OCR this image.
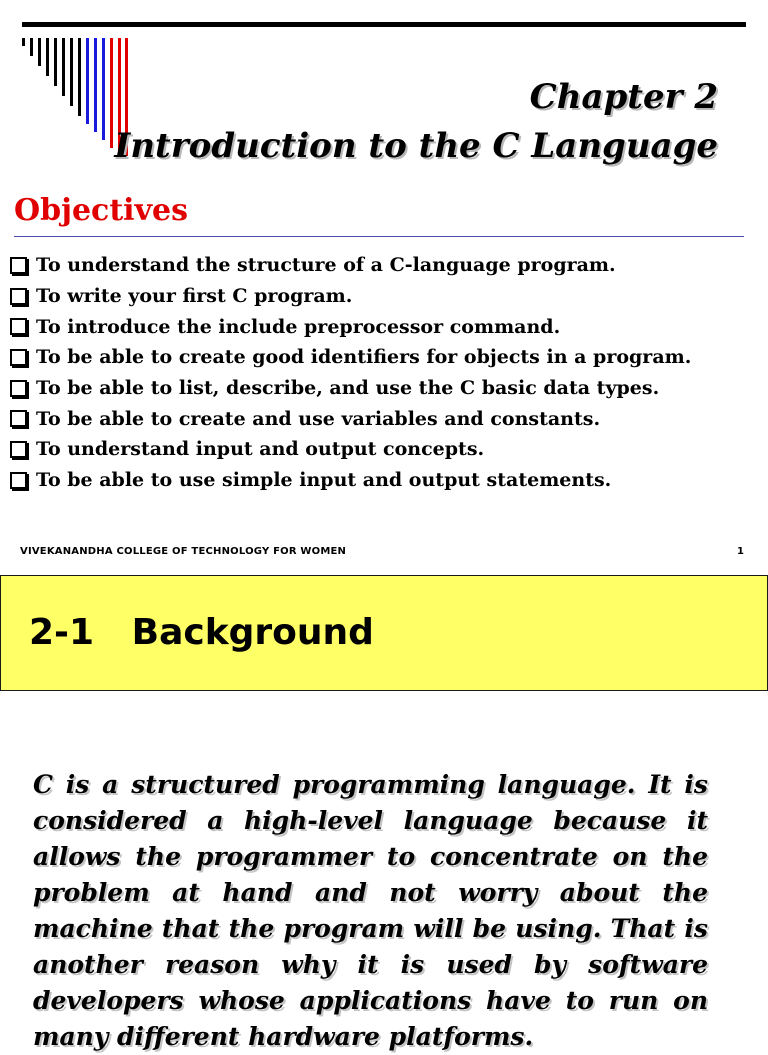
Chapter 2
Introduction to the C Language
Objectives
To understand the structure of a C-language program.
To write your first C program.
To introduce the include preprocessor command.
To be able to create good identifiers for objects in a program.
To be able to list, describe, and use the C basic data types.
To be able to create and use variables and constants.
To understand input and output concepts.
To be able to use simple input and output statements.
VIVEKANANDHA COLLEGE OF TECHNOLOGY FOR WOMEN	1
2-1   Background
C is a structured programming language. It is considered a high-level language because it allows the programmer to concentrate on the problem at hand and not worry about the machine that the program will be using. That is another reason why it is used by software developers whose applications have to run on many different hardware platforms.
